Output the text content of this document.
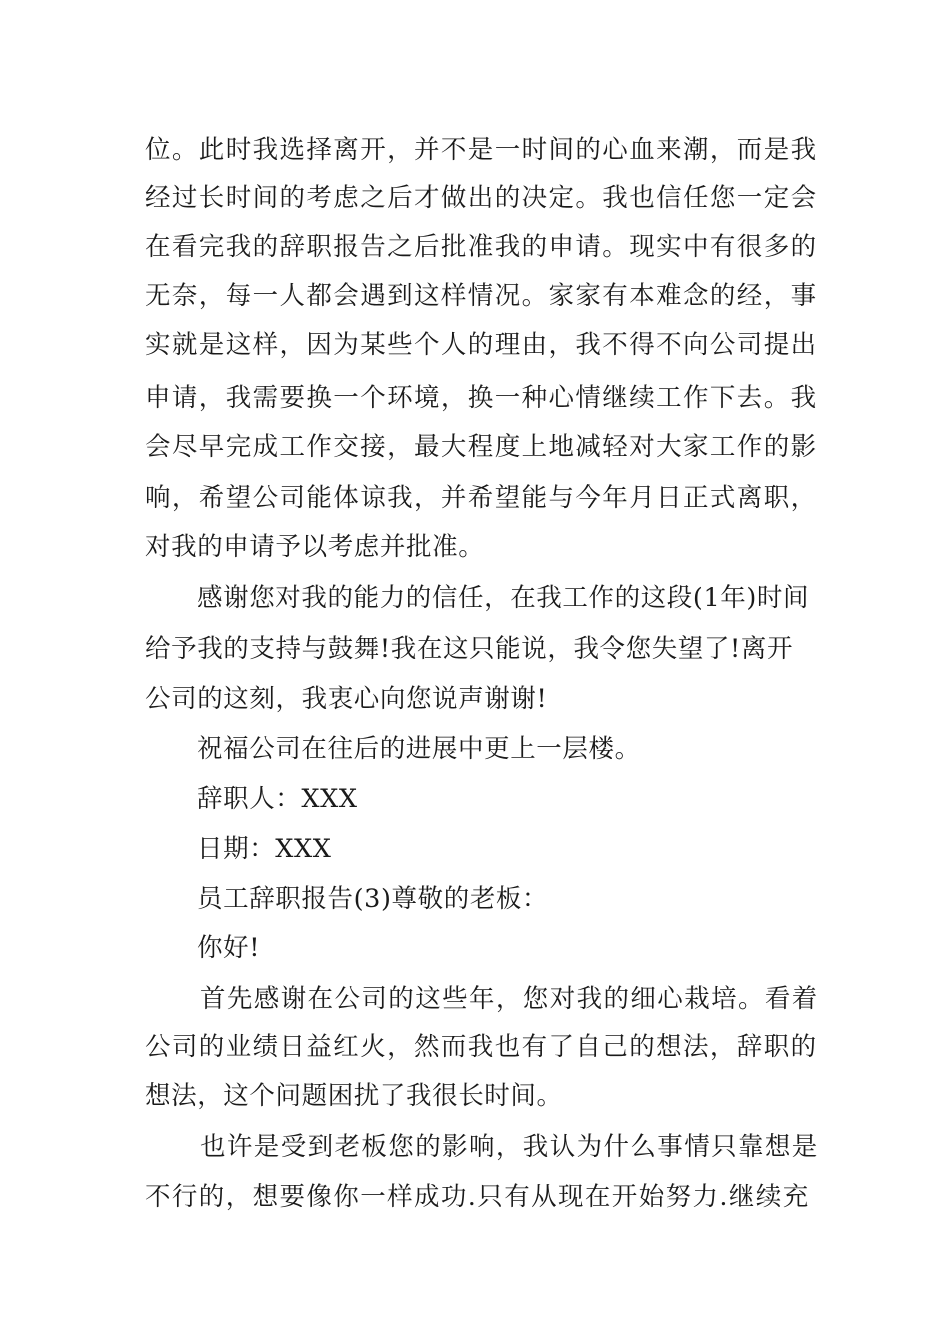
位。此时我选择离开，并不是一时间的心血来潮，而是我
经过长时间的考虑之后才做出的决定。我也信任您一定会
在看完我的辞职报告之后批准我的申请。现实中有很多的
无奈，每一人都会遇到这样情况。家家有本难念的经，事
实就是这样，因为某些个人的理由，我不得不向公司提出
申请，我需要换一个环境，换一种心情继续工作下去。我
会尽早完成工作交接，最大程度上地减轻对大家工作的影
响，希望公司能体谅我，并希望能与今年月日正式离职，
对我的申请予以考虑并批准。
感谢您对我的能力的信任，在我工作的这段(1年)时间
给予我的支持与鼓舞!我在这只能说，我令您失望了!离开
公司的这刻，我衷心向您说声谢谢!
祝福公司在往后的进展中更上一层楼。
辞职人：XXX
日期：XXX
员工辞职报告(3)尊敬的老板：
你好!
首先感谢在公司的这些年，您对我的细心栽培。看着
公司的业绩日益红火，然而我也有了自己的想法，辞职的
想法，这个问题困扰了我很长时间。
也许是受到老板您的影响，我认为什么事情只靠想是
不行的，想要像你一样成功.只有从现在开始努力.继续充
